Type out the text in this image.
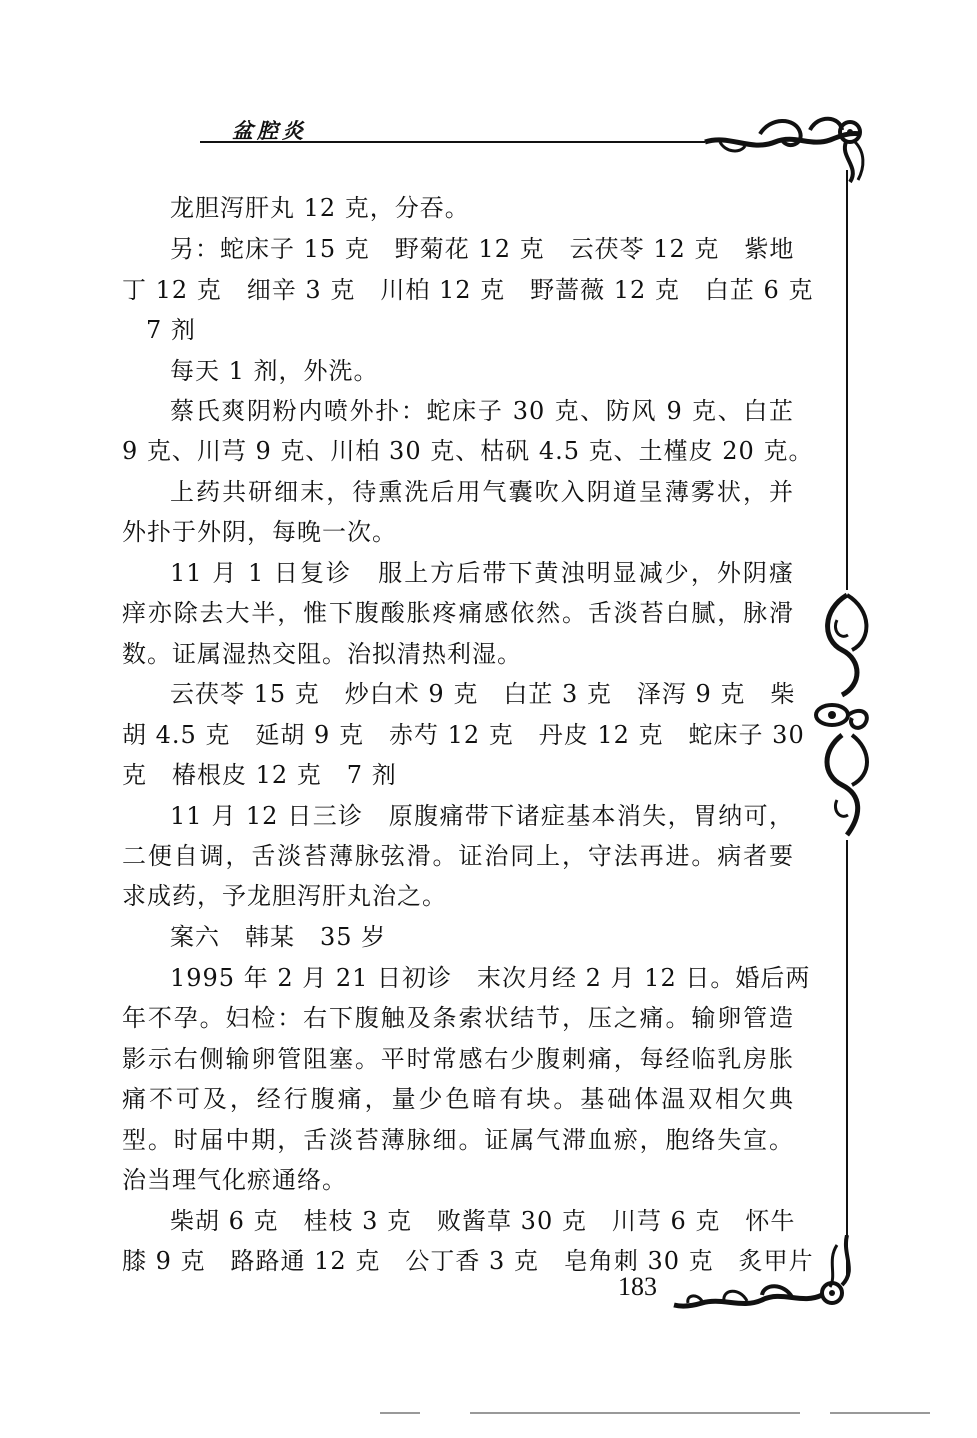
盆腔炎
龙胆泻肝丸 12 克，分吞。
另：蛇床子 15 克　野菊花 12 克　云茯苓 12 克　紫地
丁 12 克　细辛 3 克　川柏 12 克　野蔷薇 12 克　白芷 6 克
7 剂
每天 1 剂，外洗。
蔡氏爽阴粉内喷外扑：蛇床子 30 克、防风 9 克、白芷
9 克、川芎 9 克、川柏 30 克、枯矾 4.5 克、土槿皮 20 克。
上药共研细末，待熏洗后用气囊吹入阴道呈薄雾状，并
外扑于外阴，每晚一次。
11 月 1 日复诊　服上方后带下黄浊明显减少，外阴瘙
痒亦除去大半，惟下腹酸胀疼痛感依然。舌淡苔白腻，脉滑
数。证属湿热交阻。治拟清热利湿。
云茯苓 15 克　炒白术 9 克　白芷 3 克　泽泻 9 克　柴
胡 4.5 克　延胡 9 克　赤芍 12 克　丹皮 12 克　蛇床子 30
克　椿根皮 12 克　7 剂
11 月 12 日三诊　原腹痛带下诸症基本消失，胃纳可，
二便自调，舌淡苔薄脉弦滑。证治同上，守法再进。病者要
求成药，予龙胆泻肝丸治之。
案六　韩某　35 岁
1995 年 2 月 21 日初诊　末次月经 2 月 12 日。婚后两
年不孕。妇检：右下腹触及条索状结节，压之痛。输卵管造
影示右侧输卵管阻塞。平时常感右少腹刺痛，每经临乳房胀
痛不可及，经行腹痛，量少色暗有块。基础体温双相欠典
型。时届中期，舌淡苔薄脉细。证属气滞血瘀，胞络失宣。
治当理气化瘀通络。
柴胡 6 克　桂枝 3 克　败酱草 30 克　川芎 6 克　怀牛
膝 9 克　路路通 12 克　公丁香 3 克　皂角刺 30 克　炙甲片
183
